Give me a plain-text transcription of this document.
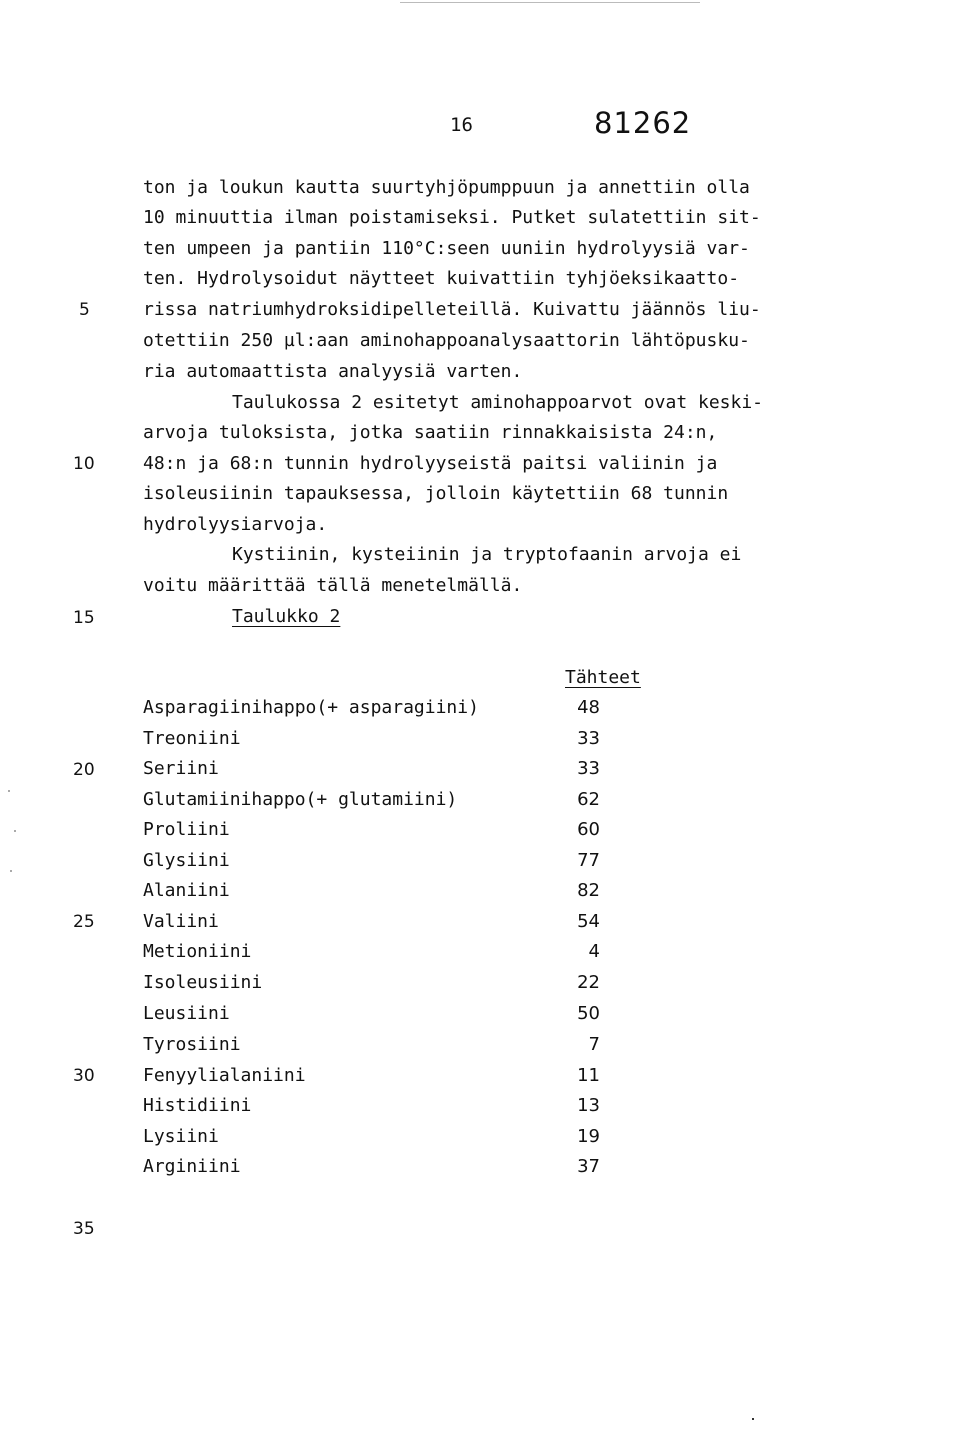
16	81262
ton ja loukun kautta suurtyhjöpumppuun ja annettiin olla
10 minuuttia ilman poistamiseksi. Putket sulatettiin sit-
ten umpeen ja pantiin 110°C:seen uuniin hydrolyysiä var-
ten. Hydrolysoidut näytteet kuivattiin tyhjöeksikaatto-
rissa natriumhydroksidipelleteillä. Kuivattu jäännös liu-
otettiin 250 µl:aan aminohappoanalysaattorin lähtöpusku-
ria automaattista analyysiä varten.
Taulukossa 2 esitetyt aminohappoarvot ovat keski-
arvoja tuloksista, jotka saatiin rinnakkaisista 24:n,
48:n ja 68:n tunnin hydrolyyseistä paitsi valiinin ja
isoleusiinin tapauksessa, jolloin käytettiin 68 tunnin
hydrolyysiarvoja.
Kystiinin, kysteiinin ja tryptofaanin arvoja ei
voitu määrittää tällä menetelmällä.
Taulukko 2
5
10
15
20
25
30
35
Tähteet
Asparagiinihappo(+ asparagiini)	48
Treoniini	33
Seriini	33
Glutamiinihappo(+ glutamiini)	62
Proliini	60
Glysiini	77
Alaniini	82
Valiini	54
Metioniini	4
Isoleusiini	22
Leusiini	50
Tyrosiini	7
Fenyylialaniini	11
Histidiini	13
Lysiini	19
Arginiini	37
